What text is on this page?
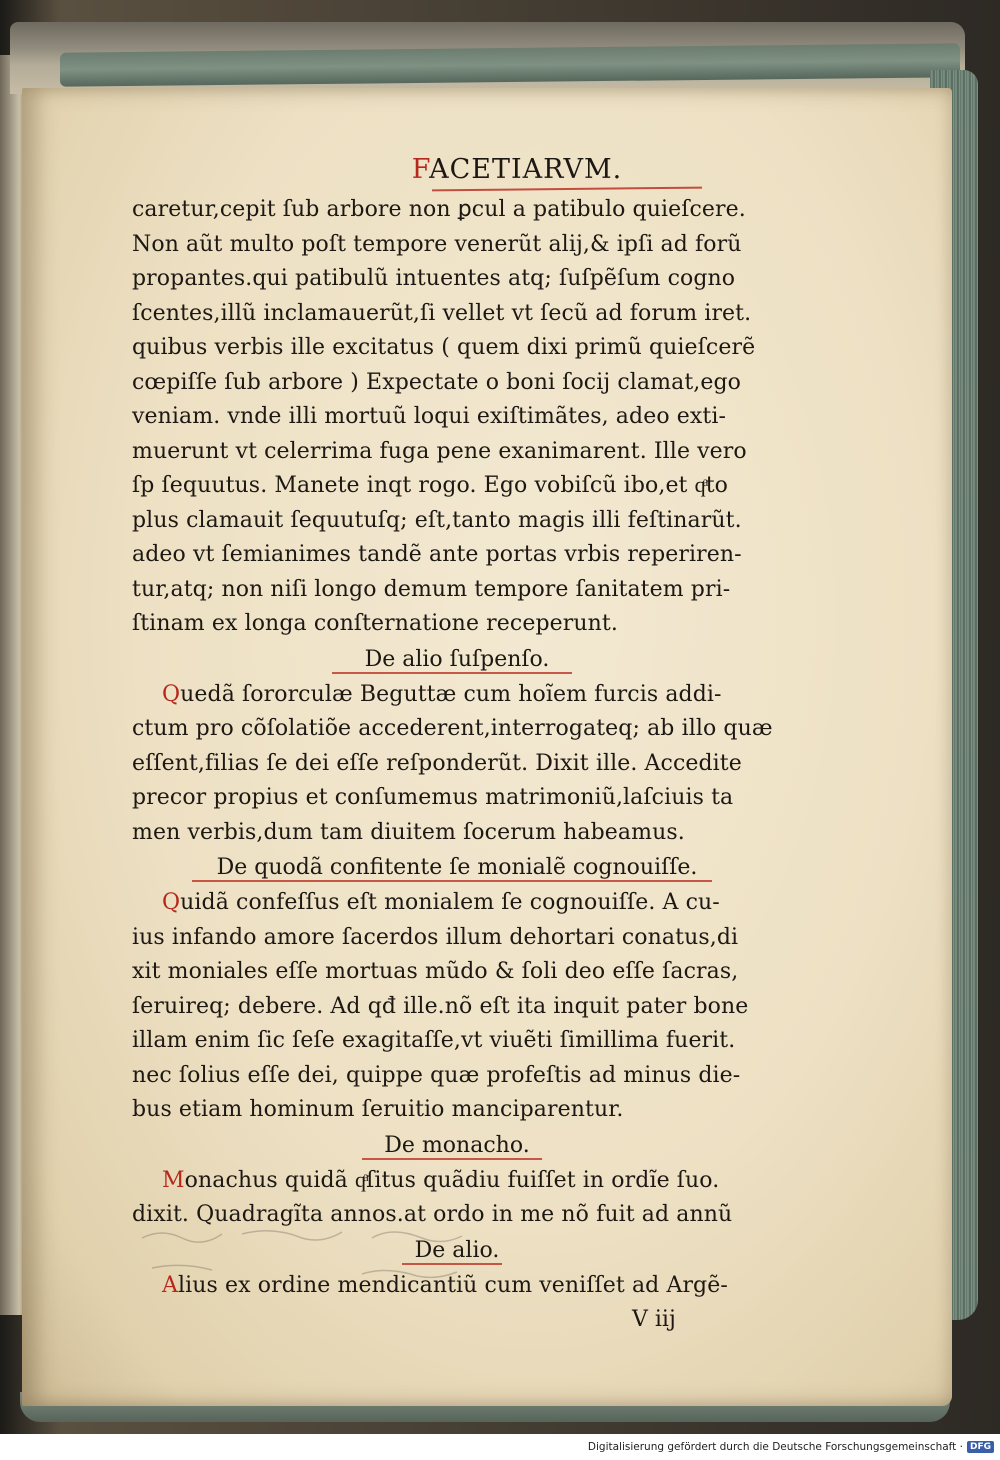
FACETIARVM.
caretur,cepit ſub arbore non ꝑcul a patibulo quieſcere.
Non aũt multo poſt tempore venerũt alij,& ipſi ad forũ
propantes.qui patibulũ intuentes atq; ſuſpẽſum cogno
ſcentes,illũ inclamauerũt,ſi vellet vt ſecũ ad forum iret.
quibus verbis ille excitatus ( quem dixi primũ quieſcerẽ
cœpiſſe ſub arbore ) Expectate o boni ſocij clamat,ego
veniam. vnde illi mortuũ loqui exiſtimãtes, adeo exti-
muerunt vt celerrima fuga pene exanimarent. Ille vero
ſp ſequutus. Manete inqt rogo. Ego vobiſcũ ibo,et qͣto
plus clamauit ſequutuſq; eſt,tanto magis illi feſtinarũt.
adeo vt ſemianimes tandẽ ante portas vrbis reperiren-
tur,atq; non niſi longo demum tempore ſanitatem pri-
ſtinam ex longa conſternatione receperunt.
De alio ſuſpenſo.
Quedã ſororculæ Beguttæ cum hoĩem furcis addi-
ctum pro cõſolatiõe accederent,interrogateq; ab illo quæ
eſſent,filias ſe dei eſſe reſponderũt. Dixit ille. Accedite
precor propius et conſumemus matrimoniũ,laſciuis ta
men verbis,dum tam diuitem ſocerum habeamus.
De quodã confitente ſe monialẽ cognouiſſe.
Quidã confeſſus eſt monialem ſe cognouiſſe. A cu-
ius infando amore ſacerdos illum dehortari conatus,di
xit moniales eſſe mortuas mũdo & ſoli deo eſſe ſacras,
ſeruireq; debere. Ad qđ ille.nõ eſt ita inquit pater bone
illam enim ſic ſeſe exagitaſſe,vt viuẽti ſimillima fuerit.
nec ſolius eſſe dei, quippe quæ profeſtis ad minus die-
bus etiam hominum ſeruitio manciparentur.
De monacho.
Monachus quidã qͣſitus quãdiu fuiſſet in ordĩe ſuo.
dixit. Quadragĩta annos.at ordo in me nõ fuit ad annũ
De alio.
Alius ex ordine mendicantiũ cum veniſſet ad Argẽ-
V iij
Digitalisierung gefördert durch die Deutsche Forschungsgemeinschaft · DFG
